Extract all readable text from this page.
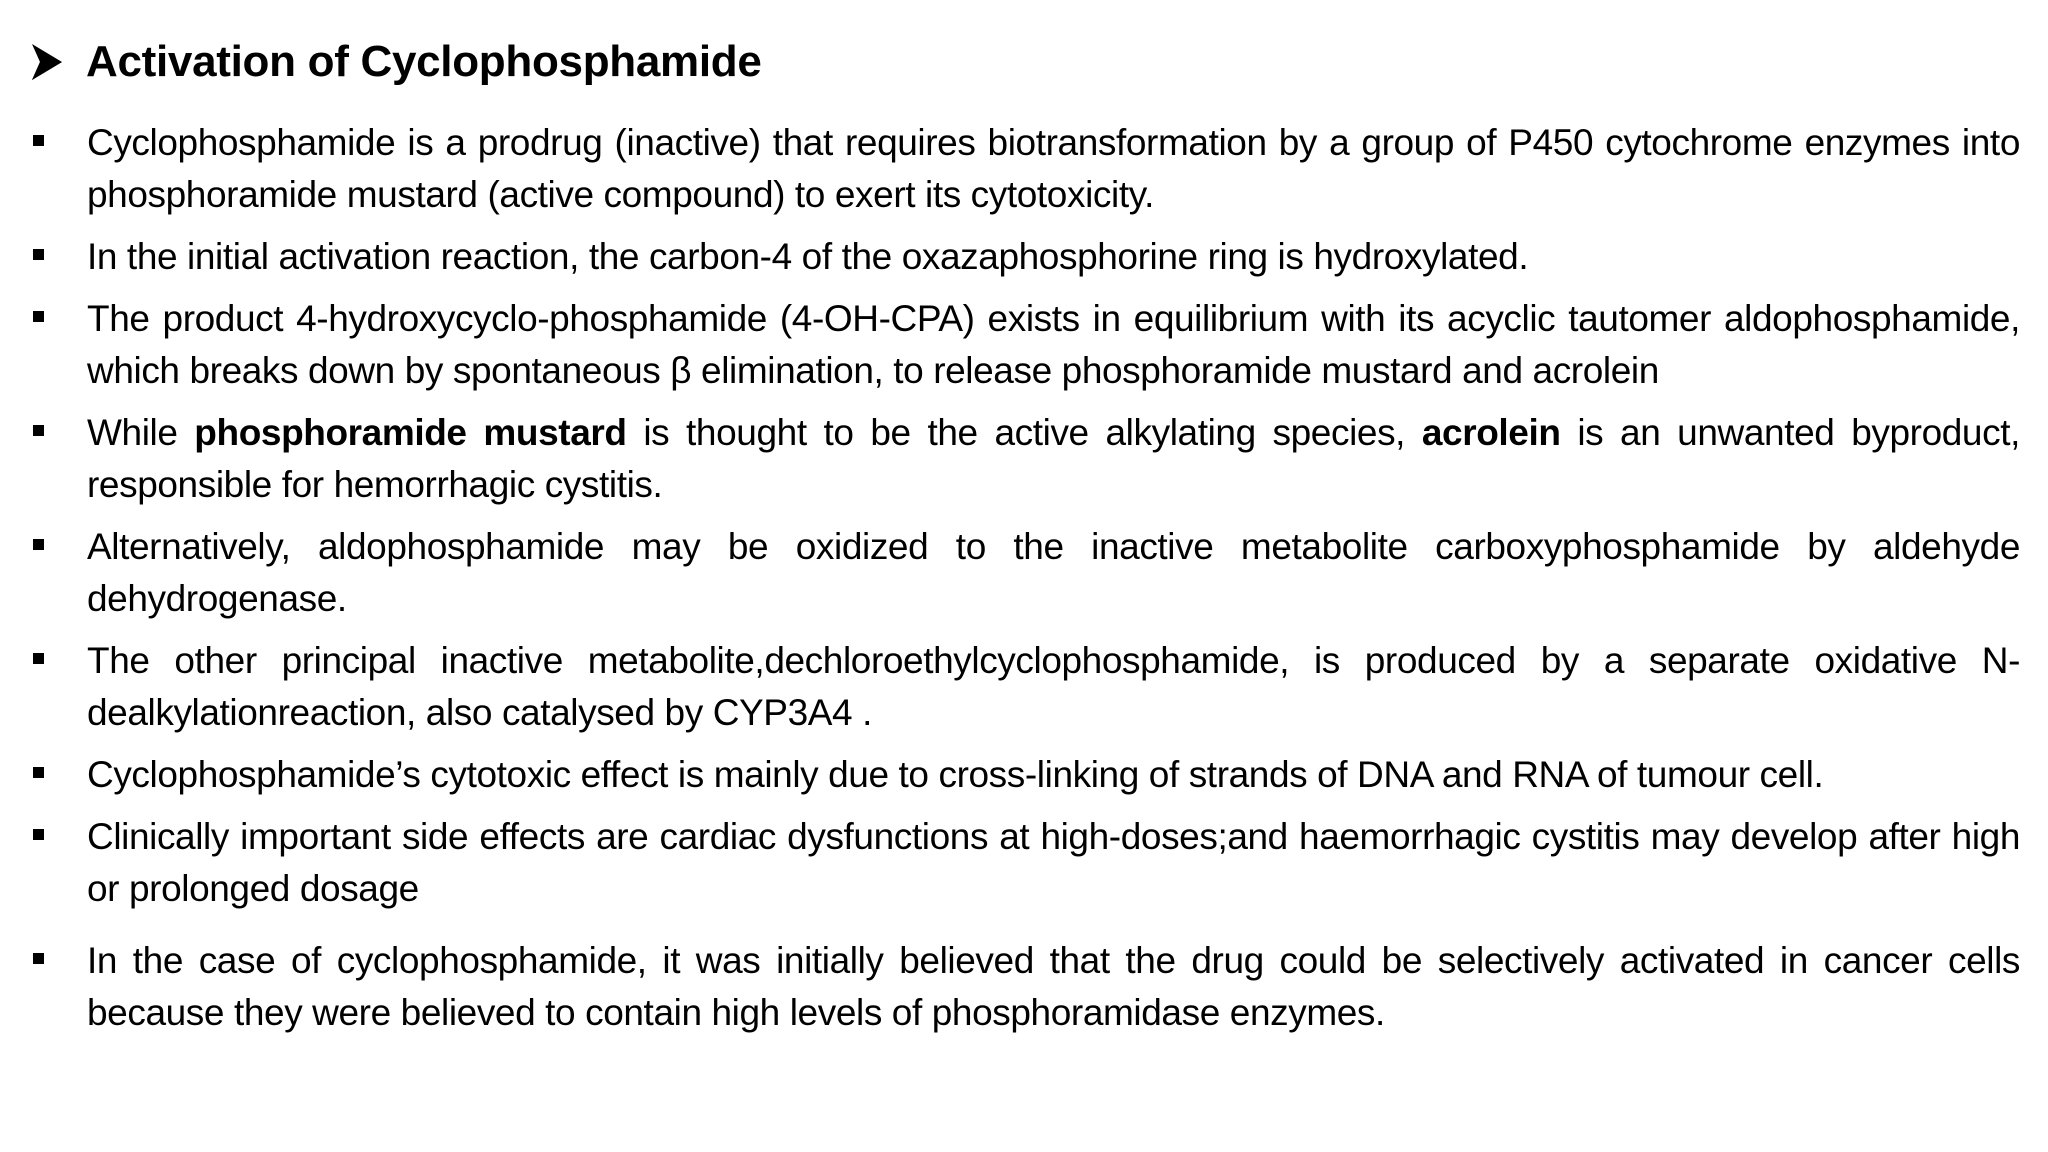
Activation of Cyclophosphamide
Cyclophosphamide is a prodrug (inactive) that requires biotransformation by a group of P450 cytochrome enzymes into phosphoramide mustard (active compound) to exert its cytotoxicity.
In the initial activation reaction, the carbon-4 of the oxazaphosphorine ring is hydroxylated.
The product 4-hydroxycyclo-phosphamide (4-OH-CPA) exists in equilibrium with its acyclic tautomer aldophosphamide, which breaks down by spontaneous β elimination, to release phosphoramide mustard and acrolein
While phosphoramide mustard is thought to be the active alkylating species, acrolein is an unwanted byproduct, responsible for hemorrhagic cystitis.
Alternatively, aldophosphamide may be oxidized to the inactive metabolite carboxyphosphamide by aldehyde dehydrogenase.
The other principal inactive metabolite,dechloroethylcyclophosphamide, is produced by a separate oxidative N-dealkylationreaction, also catalysed by CYP3A4 .
Cyclophosphamide’s cytotoxic effect is mainly due to cross-linking of strands of DNA and RNA of tumour cell.
Clinically important side effects are cardiac dysfunctions at high-doses;and haemorrhagic cystitis may develop after high or prolonged dosage
In the case of cyclophosphamide, it was initially believed that the drug could be selectively activated in cancer cells because they were believed to contain high levels of phosphoramidase enzymes.
